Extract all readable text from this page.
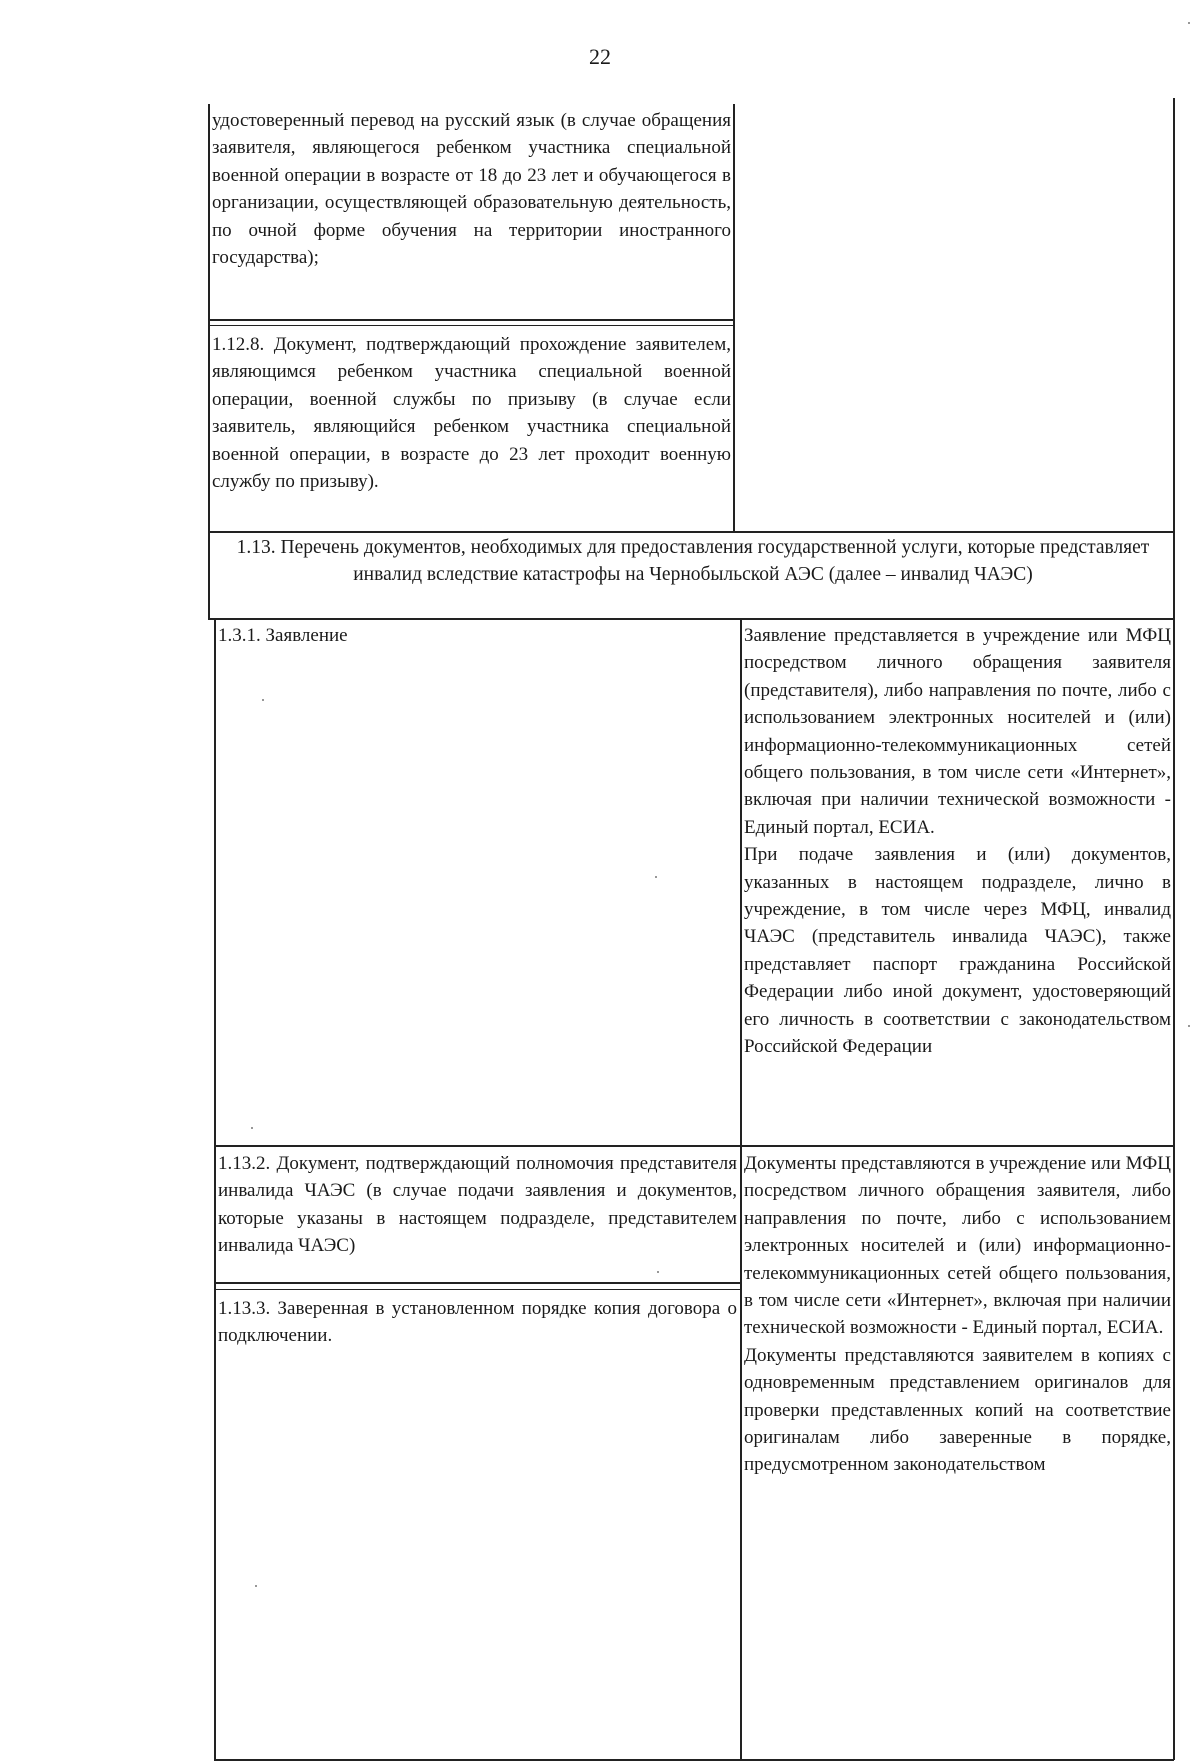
22

удостоверенный перевод на русский язык (в случае обращения заявителя, являющегося ребенком участника специальной военной операции в возрасте от 18 до 23 лет и обучающегося в организации, осуществляющей образовательную деятельность, по очной форме обучения на территории иностранного государства);

1.12.8. Документ, подтверждающий прохождение заявителем, являющимся ребенком участника специальной военной операции, военной службы по призыву (в случае если заявитель, являющийся ребенком участника специальной военной операции, в возрасте до 23 лет проходит военную службу по призыву).

1.13. Перечень документов, необходимых для предоставления государственной услуги, которые представляет инвалид вследствие катастрофы на Чернобыльской АЭС (далее – инвалид ЧАЭС)

1.3.1. Заявление	Заявление представляется в учреждение или МФЦ посредством личного обращения заявителя (представителя), либо направления по почте, либо с использованием электронных носителей и (или) информационно-телекоммуникационных сетей общего пользования, в том числе сети «Интернет», включая при наличии технической возможности - Единый портал, ЕСИА.

При подаче заявления и (или) документов, указанных в настоящем подразделе, лично в учреждение, в том числе через МФЦ, инвалид ЧАЭС (представитель инвалида ЧАЭС), также представляет паспорт гражданина Российской Федерации либо иной документ, удостоверяющий его личность в соответствии с законодательством Российской Федерации

1.13.2. Документ, подтверждающий полномочия представителя инвалида ЧАЭС (в случае подачи заявления и документов, которые указаны в настоящем подразделе, представителем инвалида ЧАЭС)

1.13.3. Заверенная в установленном порядке копия договора о подключении.

Документы представляются в учреждение или МФЦ посредством личного обращения заявителя, либо направления по почте, либо с использованием электронных носителей и (или) информационно-телекоммуникационных сетей общего пользования, в том числе сети «Интернет», включая при наличии технической возможности - Единый портал, ЕСИА.

Документы представляются заявителем в копиях с одновременным представлением оригиналов для проверки представленных копий на соответствие оригиналам либо заверенные в порядке, предусмотренном законодательством
